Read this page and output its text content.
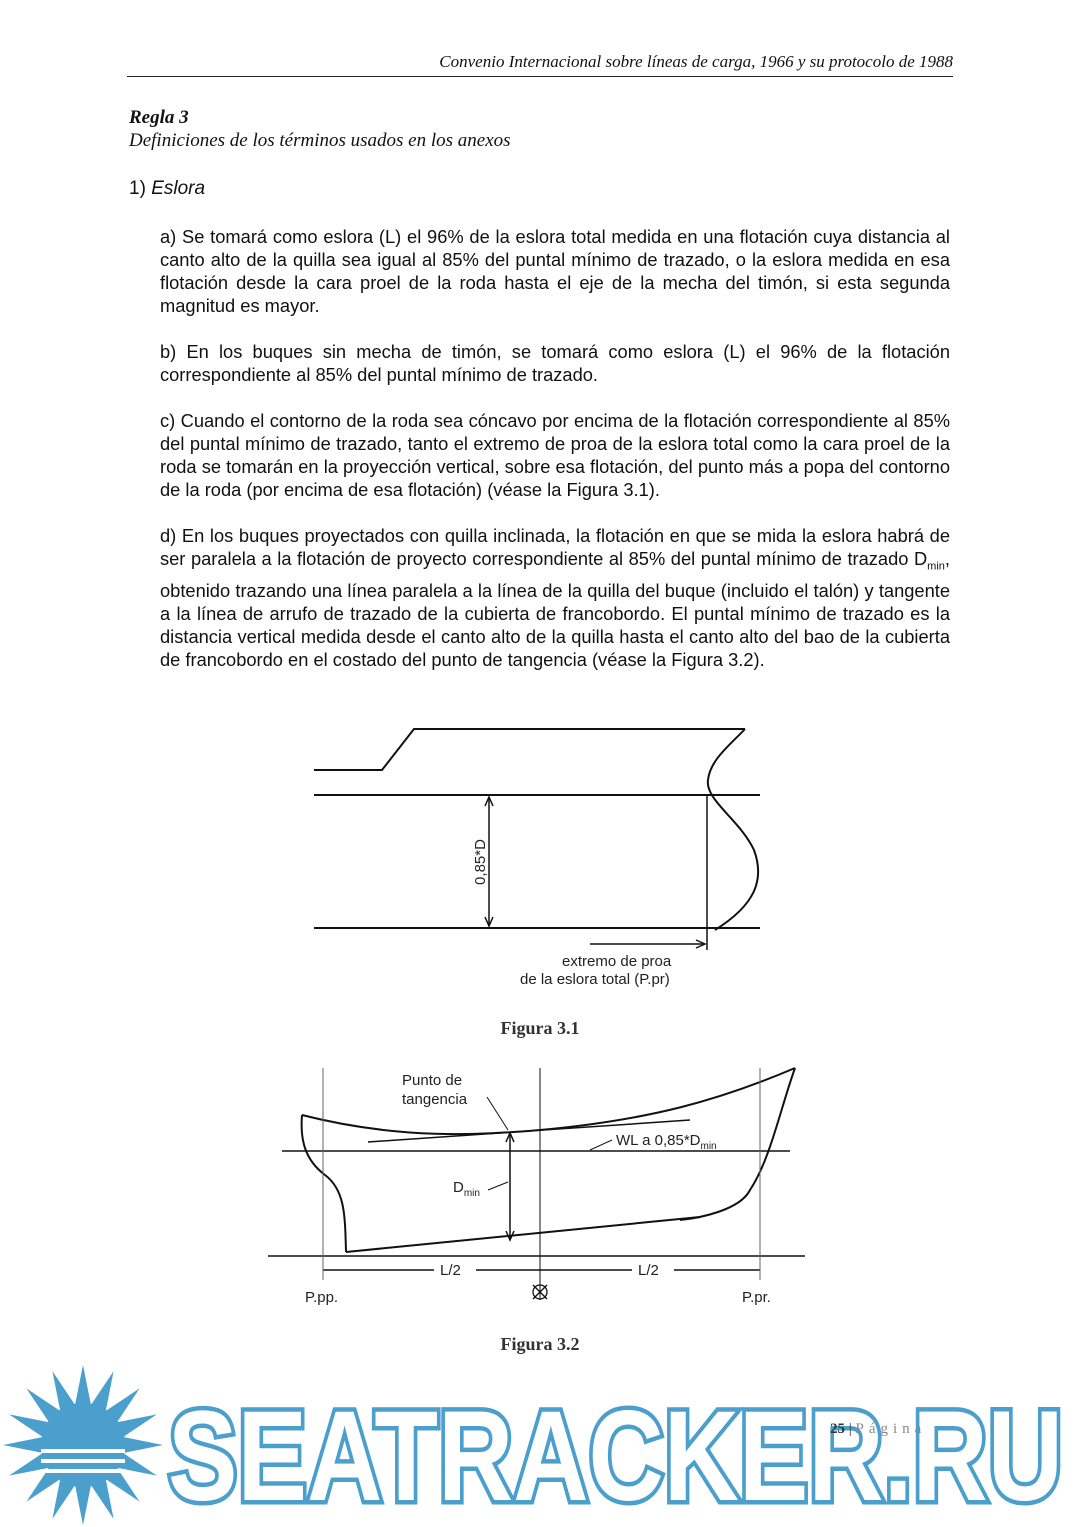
Convenio Internacional sobre líneas de carga, 1966 y su protocolo de 1988
Regla 3
Definiciones de los términos usados en los anexos
1) Eslora

a) Se tomará como eslora (L) el 96% de la eslora total medida en una flotación cuya distancia al canto alto de la quilla sea igual al 85% del puntal mínimo de trazado, o la eslora medida en esa flotación desde la cara proel de la roda hasta el eje de la mecha del timón, si esta segunda magnitud es mayor.

b) En los buques sin mecha de timón, se tomará como eslora (L) el 96% de la flotación correspondiente al 85% del puntal mínimo de trazado.

c) Cuando el contorno de la roda sea cóncavo por encima de la flotación correspondiente al 85% del puntal mínimo de trazado, tanto el extremo de proa de la eslora total como la cara proel de la roda se tomarán en la proyección vertical, sobre esa flotación, del punto más a popa del contorno de la roda (por encima de esa flotación) (véase la Figura 3.1).

d) En los buques proyectados con quilla inclinada, la flotación en que se mida la eslora habrá de ser paralela a la flotación de proyecto correspondiente al 85% del puntal mínimo de trazado $D_{min}$, obtenido trazando una línea paralela a la línea de la quilla del buque (incluido el talón) y tangente a la línea de arrufo de trazado de la cubierta de francobordo. El puntal mínimo de trazado es la distancia vertical medida desde el canto alto de la quilla hasta el canto alto del bao de la cubierta de francobordo en el costado del punto de tangencia (véase la Figura 3.2).

0,85*D
extremo de proa
de la eslora total (P.pr)
Figura 3.1
Punto de
tangencia
WL a $0,85*D_{min}$
$D_{min}$
L/2	L/2
P.pp.	P.pr.
Figura 3.2
SEATRACKER.RU
25 | Página
